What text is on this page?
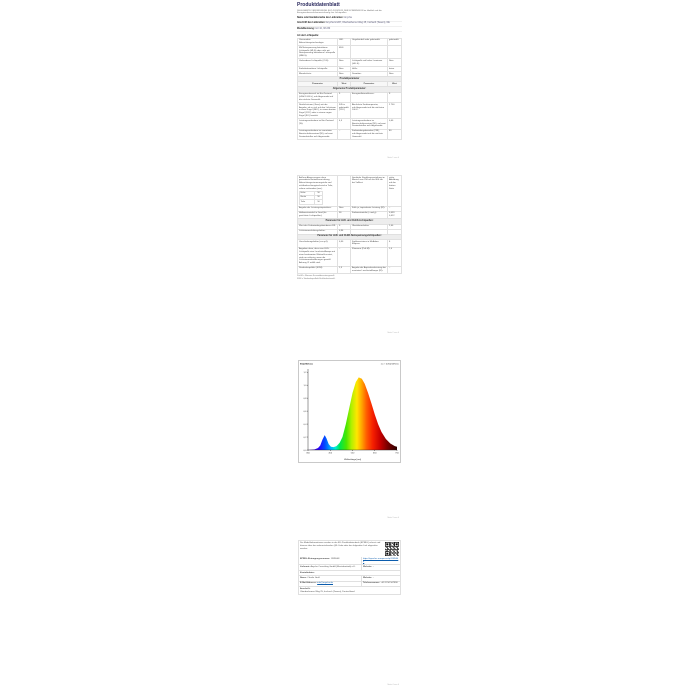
Produktdatenblatt
DELEGIERTE VERORDNUNG (EU) 2019/2015 DER KOMMISSION im Hinblick auf die Energieverbrauchskennzeichnung von Lichtquellen
Name oder Handelsmarke des Lieferanten: Anycha
Anschrift des Lieferanten: Anycha GmbH, Oberbacherner Weg 25, Irschach (Tauern), DE
Modellkennung: GU 10, 38 230
Art der Lichtquelle:
Verwendete Beleuchtungstechnologie:
LED	Ungebündelt oder gebündelt:	gebündelt
Mit Netzspannung betriebene Lichtquelle (MLS) oder nicht mit Netzspannung betriebene Lichtquelle (NMLS):
MLS
Verbundene Lichtquelle (CLS):	Nein	Lichtquelle mit hoher Luminanz (HLLS):
Nein
Farbabstimmbare Lichtquelle:	Nein	Hülle:	keine
Blendschutz:	Nein	Dimmbar:	Nein
Produktparameter
Parameter	Wert	Parameter	Wert
Allgemeine Produktparameter:
Energieverbrauch im Ein-Zustand (kWh/1 000 h), auf-/abgerundet auf die nächste Ganzzahl:
5	Energieeffizienzklasse:	F
Nutzlichtstrom (Φuse) mit der Angabe, ob er sich auf den Lichtstrom in einer Kugel (360°), in einem breiten Kegel (120°) oder in einem engen Kegel (90°) bezieht:
345 in gebündelt (120°)
Ähnlichste Farbtemperatur, auf-/abgerundet auf die nächsten 100 K:
2 700
Leistungsaufnahme im Ein-Zustand (W):
4,5	Leistungsaufnahme im Bereitschaftszustand (W), auf zwei Dezimalstellen auf-/abgerundet:
0,00
Leistungsaufnahme im vernetzten Bereitschaftszustand (W), auf zwei Dezimalstellen auf-/abgerundet:
–	Farbwiedergabeindex (CRI), auf-/abgerundet auf die nächste Ganzzahl:
80
Seite 1 von 4
Äußere Abmessungen ohne gesonderte Betriebsvorrichtung, Beleuchtungssteuerungsteile und nichtbeleuchtungstechnische Teile, sofern vorhanden (mm):
Höhe	56
Breite	50
Tiefe	50
Spektrale Strahlungsverteilung im Bereich von 250 nm bis 800 nm bei Volllast:
siehe Abbildung auf der letzten Seite
Angabe der Leistungsäquivalenz:	Nein	Falls ja, äquivalente Leistung (W):	–
Halbwertswinkel in Grad (für gerichtete Lichtquellen):
36	Farbwertanteile (x und y):	0,459 0,412
Parameter für LED- und OLED-Lichtquellen:
Wert des Farbwiedergabeindexes R9:	0	Überlebensfaktor:	1,00
Lichtstromerhaltungsfaktor:	0,96
Parameter für LED- und OLED-Netzspannungslichtquellen:
Verschiebungsfaktor (cos φ1):	0,50	Farbkonsistenz in McAdam-Ellipsen:
6
Angaben dazu, dass eine LED-Lichtquelle eine Leuchtstofflampe mit einer bestimmten Wattzahl ersetzt, sind nur zulässig, wenn die Lichtstromanforderungen gemäß Anhang VI erfüllt sind:
–	Flimmern (PstLM):	1,0
Stroboskopeffekt (SVM):	1,3	Angabe der Äquivalenzleistung der ersetzten Leuchtstofflampe (W):
–
PstLM = Flimmer-Kurzzeitbewertungsmaß.
SVM = Stroboskopeffekt-Sichtbarkeitsmaß.
Seite 2 von 4
Φλ[mW/nm]	1,1 × 0,85(mW/nm)
0,0
0,2
0,4
0,6
0,8
1,0
1,2
350	450	550	650	750
Wellenlänge [nm]
Seite 3 von 4
Die Modellinformationen wurden in der EU-Produktdatenbank (EPREL) erfasst und können über den nebenstehenden QR-Code oder den folgenden Link abgerufen werden.
EPREL-Eintragungsnummer: 1385548	https://eprel.ec.europa.eu/qr/1385548
Lieferant: Anycha Consulting GmbH (Musterbetrieb) e.K.	Website: –
Kontaktdaten:
Name: Charlie Groß	Website: –
E-Mail-Adresse: info@anycha.de	Telefonnummer: +49 1234 567890
Anschrift:
Oberbacherner Weg 25, Irschach (Tauern), Deutschland
Seite 4 von 4
